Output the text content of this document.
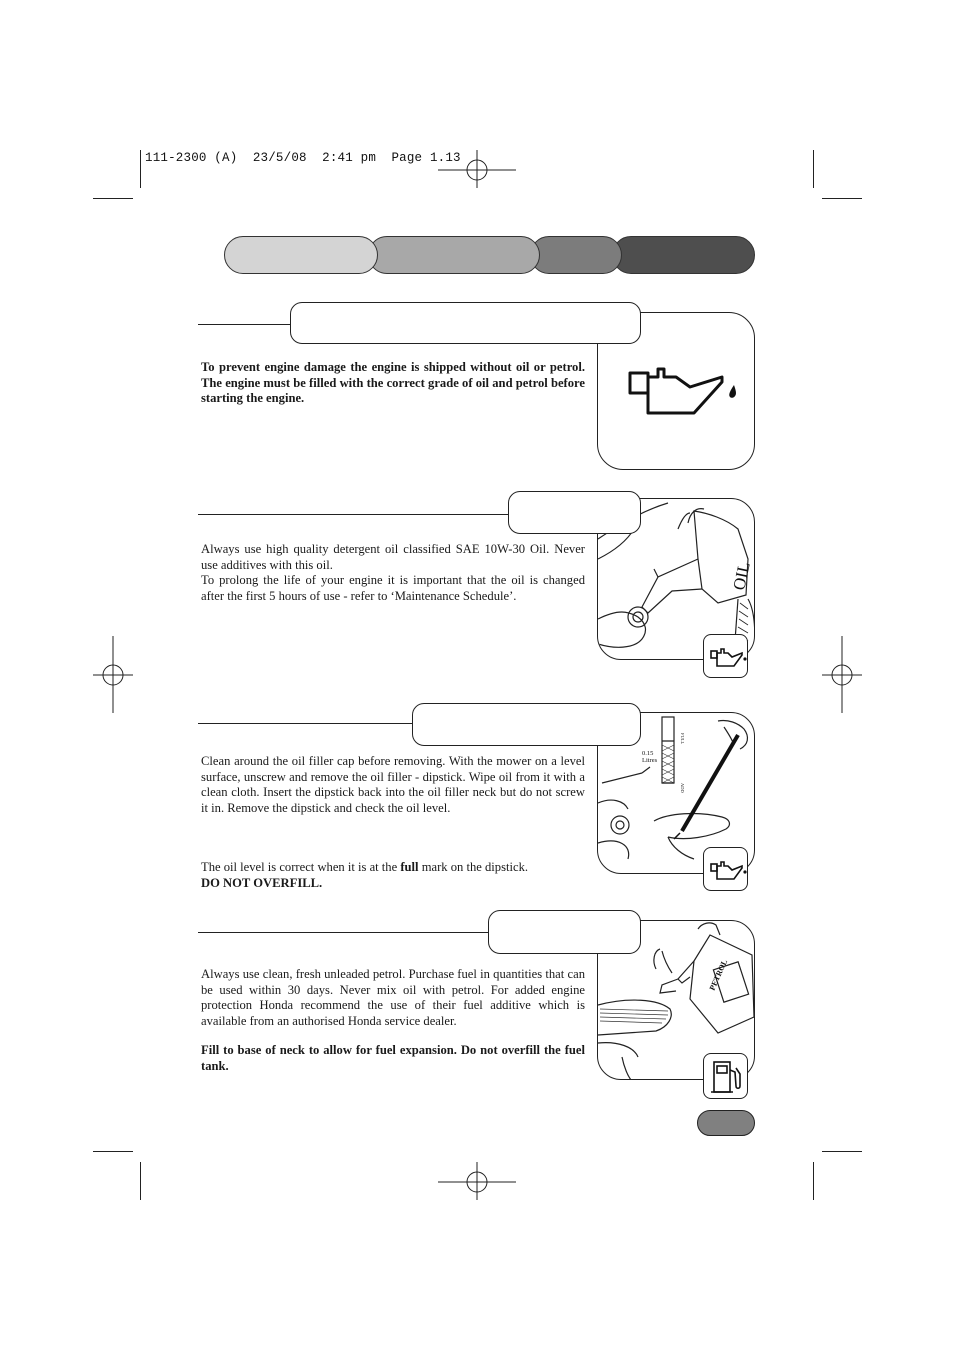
111-2300 (A)  23/5/08  2:41 pm  Page 1.13

To prevent engine damage the engine is shipped without oil or petrol. The engine must be filled with the correct grade of oil and petrol before starting the engine.

OIL

Always use high quality detergent oil classified SAE 10W-30 Oil. Never use additives with this oil.

To prolong the life of your engine it is important that the oil is changed after the first 5 hours of use - refer to ‘Maintenance Schedule’.

0.15
Litres
FULL
ADD

Clean around the oil filler cap before removing. With the mower on a level surface, unscrew and remove the oil filler - dipstick. Wipe oil from it with a clean cloth. Insert the dipstick back into the oil filler neck but do not screw it in. Remove the dipstick and check the oil level.

The oil level is correct when it is at the full mark on the dipstick.

DO NOT OVERFILL.

PETROL

Always use clean, fresh unleaded petrol. Purchase fuel in quantities that can be used within 30 days. Never mix oil with petrol. For added engine protection Honda recommend the use of their fuel additive which is available from an authorised Honda service dealer.

Fill to base of neck to allow for fuel expansion. Do not overfill the fuel tank.
